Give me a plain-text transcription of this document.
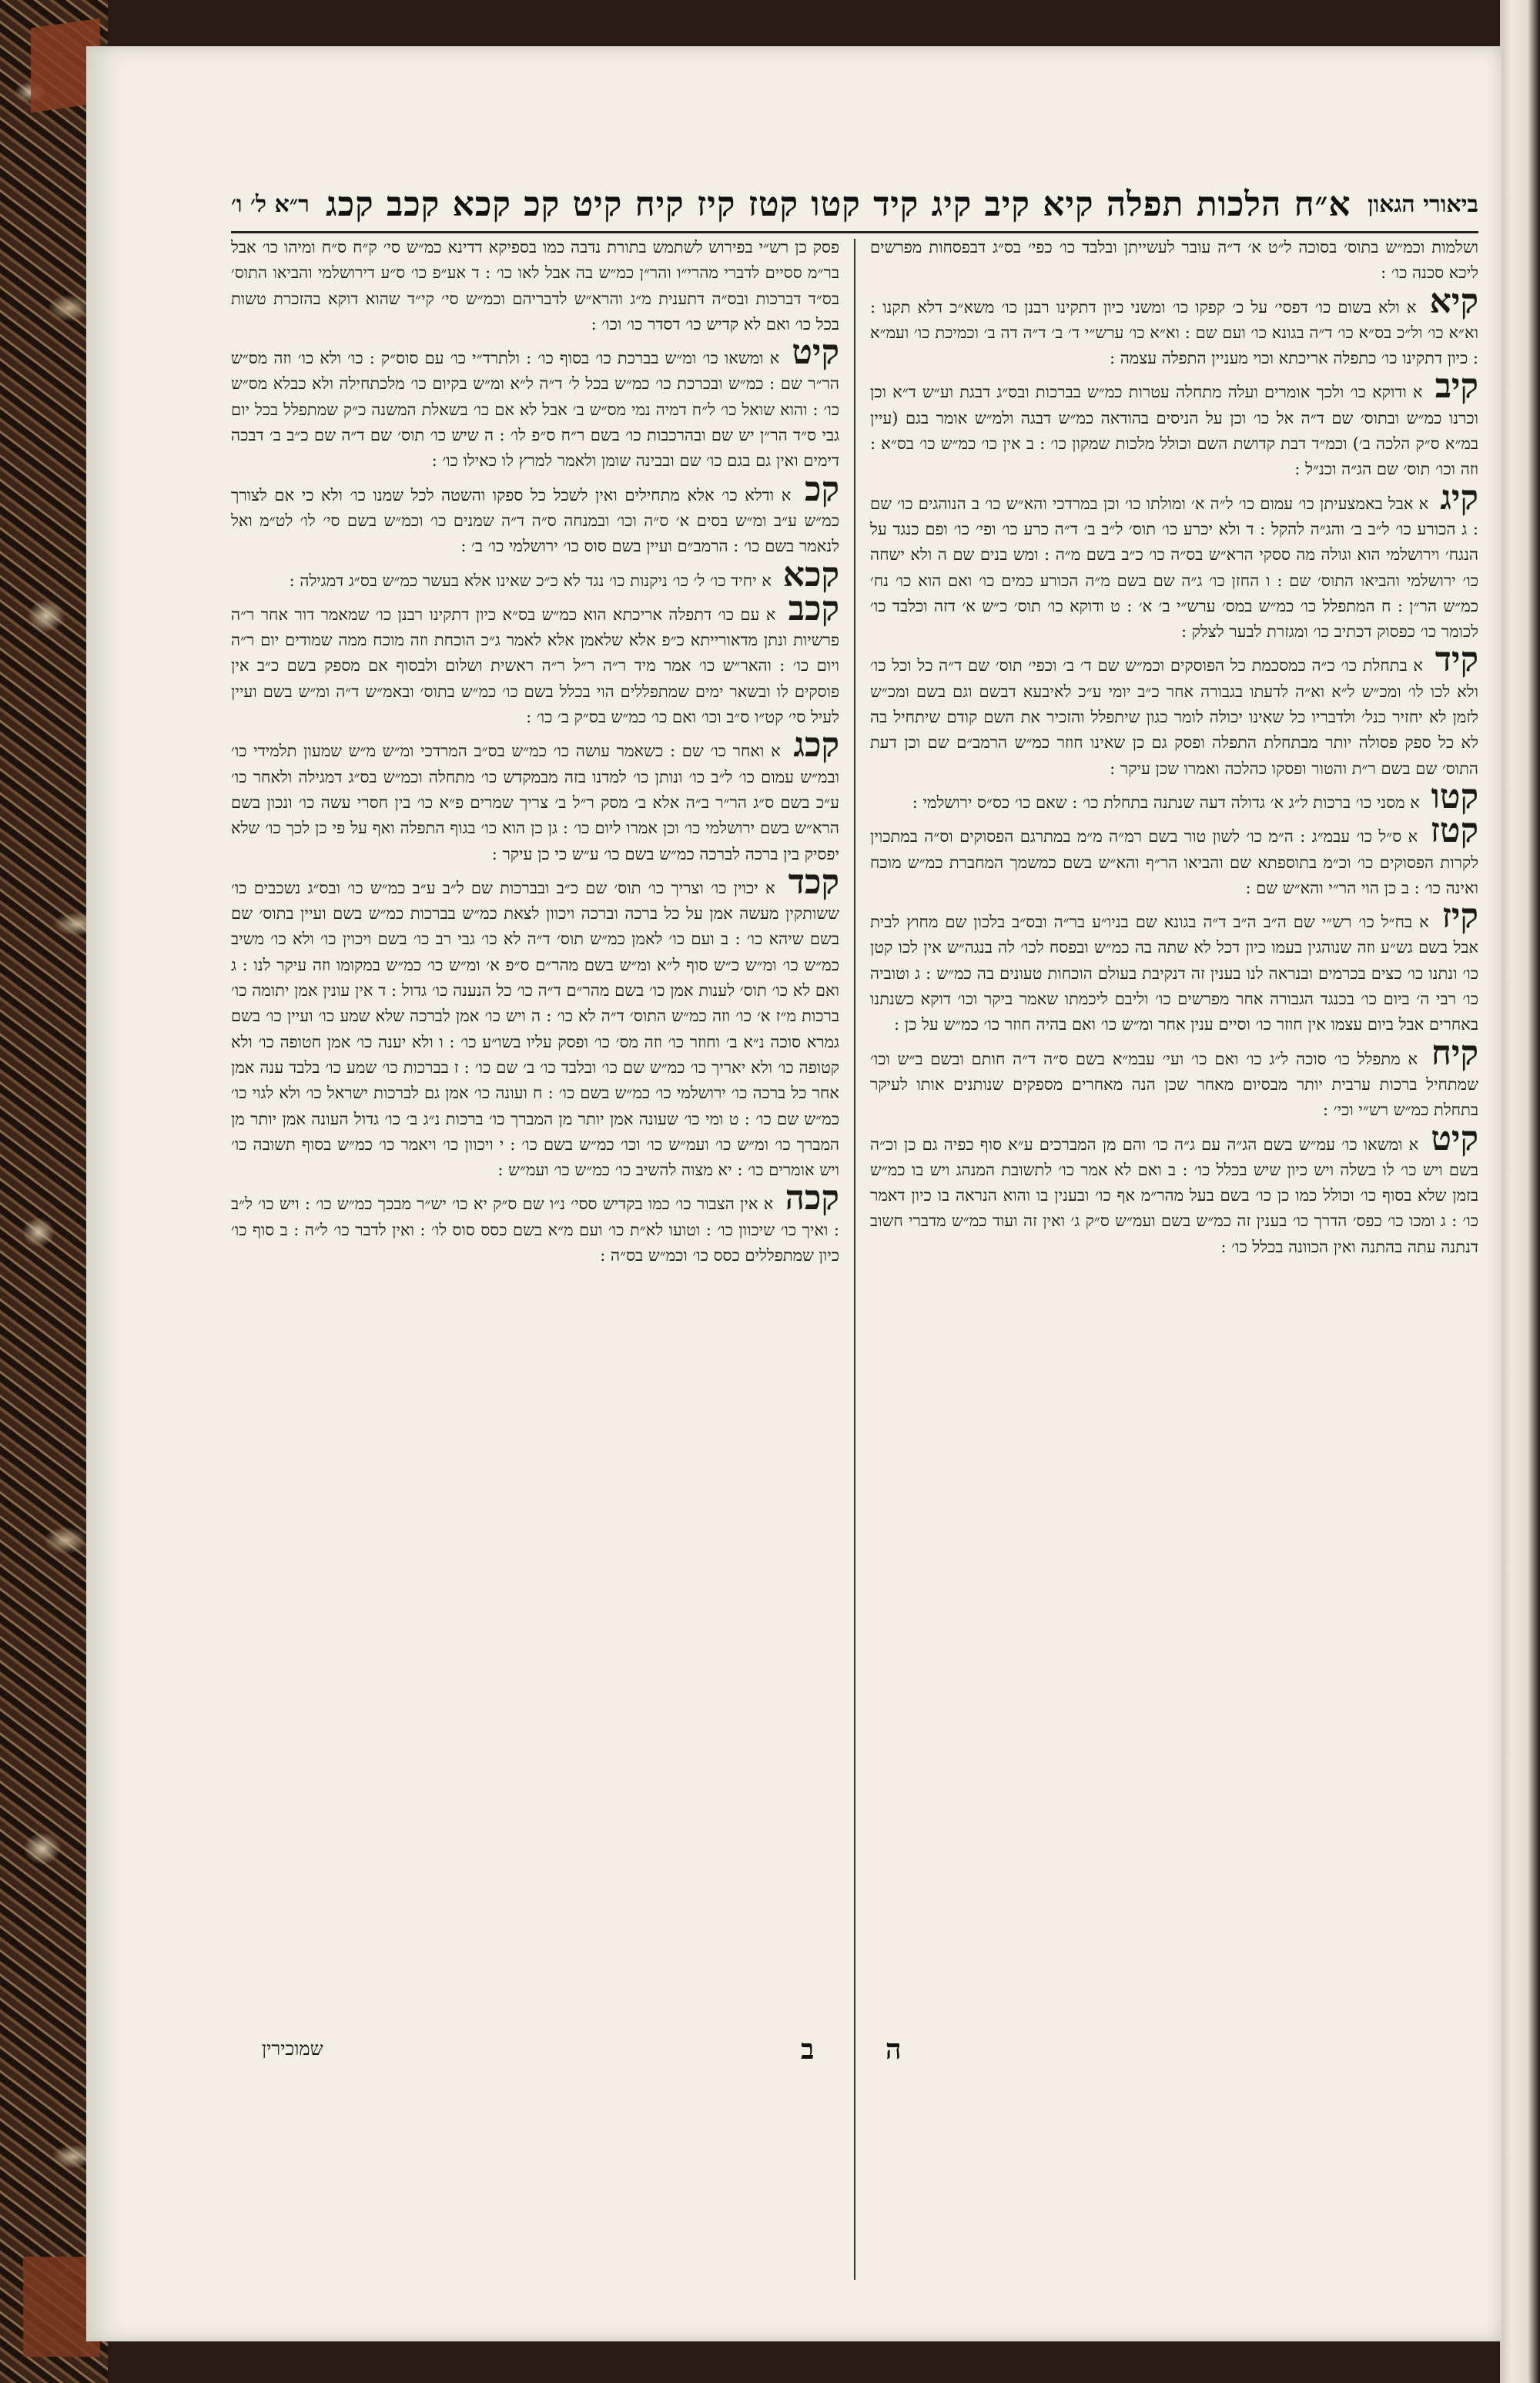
ביאורי הגאון
א״ח הלכות תפלה קיא קיב קיג קיד קטו קטז קיז קיח קיט קכ קכא קכב קכג
ר״א ל׳ ו׳

ושלמות וכמ״ש בתוס׳ בסוכה ל״ט א׳ ד״ה עובר לעשייתן ובלבד כו׳ כפי׳ בס״ג דבפסחות מפרשים ליכא סכנה כו׳ :

קיא א ולא בשום כו׳ דפסי׳ על כ׳ קפקו כו׳ ומשני כיון דתקינו רבנן כו׳ משא״כ דלא תקנו : וא״א כו׳ ול״כ בס״א כו׳ ד״ה בגונא כו׳ ועם שם : וא״א כו׳ ערש״י ד׳ ב׳ ד״ה דה ב׳ וכמיכת כו׳ ועמ״א : כיון דתקינו כו׳ כתפלה אריכתא וכוי מעניין התפלה עצמה :

קיב א ודוקא כו׳ ולכך אומרים ועלה מתחלה עטרות כמ״ש בברכות ובס״ג דבגת וע״ש ד״א וכן וכרנו כמ״ש ובתוס׳ שם ד״ה אל כו׳ וכן על הניסים בהודאה כמ״ש דבגה ולמ״ש אומר בגם (עיין במ״א ס״ק הלכה ב׳) וכמ״ד דבת קדושת השם וכולל מלכות שמקון כו׳ : ב אין כו׳ כמ״ש כו׳ בס״א : וזה וכו׳ תוס׳ שם הג״ה וכנ״ל :

קיג א אבל באמצעיתן כו׳ עמום כו׳ ל״ה א׳ ומולתו כו׳ וכן במרדכי והא״ש כו׳ ב הנוהגים כו׳ שם : ג הכורע כו׳ ל״ב ב׳ והג״ה להקל : ד ולא יכרע כו׳ תוס׳ ל״ב ב׳ ד״ה כרע כו׳ ופי׳ כו׳ ופם כנגד על הנגח׳ וירושלמי הוא וגולה מה ססקי הרא״ש בס״ה כו׳ כ״ב בשם מ״ה : ומש בנים שם ה ולא ישחה כו׳ ירושלמי והביאו התוס׳ שם : ו החזן כו׳ ג״ה שם בשם מ״ה הכורע כמים כו׳ ואם הוא כו׳ נח׳ כמ״ש הר״ן : ח המתפלל כו׳ כמ״ש במס׳ ערש״י ב׳ א׳ : ט ודוקא כו׳ תוס׳ כ״ש א׳ דזה וכלבד כו׳ לכומר כו׳ כפסוק דכתיב כו׳ ומגזרת לבער לצלק :

קיד א בתחלת כו׳ כ״ה כמסכמת כל הפוסקים וכמ״ש שם ד׳ ב׳ וכפי׳ תוס׳ שם ד״ה כל וכל כו׳ ולא לכו לו׳ ומכ״ש ל״א וא״ה לדעתו בגבורה אחר כ״ב יומי ע״כ לאיבעא דבשם וגם בשם ומכ״ש לזמן לא יחזיר כנל׳ ולדבריו כל שאינו יכולה לומר כגון שיתפלל והזכיר את השם קודם שיתחיל בה לא כל ספק פסולה יותר מבתחלת התפלה ופסק גם כן שאינו חוזר כמ״ש הרמב״ם שם וכן דעת התוס׳ שם בשם ר״ת והטור ופסקו כהלכה ואמרו שכן עיקר :

קטו א מסני כו׳ ברכות ל״ג א׳ גדולה דעה שנתנה בתחלת כו׳ : שאם כו׳ כס״ס ירושלמי :

קטז א ס״ל כו׳ עבמ״ג : ה״מ כו׳ לשון טור בשם רמ״ה מ״מ במתרגם הפסוקים וס״ה במתכוין לקרות הפסוקים כו׳ וכ״מ בתוספתא שם והביאו הר״ף והא״ש בשם כמשמך המחברת כמ״ש מוכח ואינה כו׳ : ב כן הוי הר״י והא״ש שם :

קיז א בח״ל כו׳ רש״י שם ה״ב ה״ב ד״ה בגונא שם בניו״ע בר״ה ובס״ב בלכון שם מחוץ לבית אבל בשם גש״ע וזה שנוהגין בעמו כיון דכל לא שתה בה כמ״ש ובפסח לכו׳ לה בנגה״ש אין לכו קטן כו׳ ונתנו כו׳ כצים בכרמים ובנראה לנו בענין זה דנקיבת בעולם הוכחות טעונים בה כמ״ש : ג וטוביה כו׳ רבי ה׳ ביום כו׳ בכנגד הגבורה אחר מפרשים כו׳ וליבם ליכמתו שאמר ביקר וכו׳ דוקא כשנתנו באחרים אבל ביום עצמו אין חוזר כו׳ וסיים ענין אחר ומ״ש כו׳ ואם בהיה חוזר כו׳ כמ״ש על כן :

קיח א מתפלל כו׳ סוכה ל״ג כו׳ ואם כו׳ ועי׳ עבמ״א בשם ס״ה ד״ה חותם ובשם ב״ש וכו׳ שמתחיל ברכות ערבית יותר מבסיום מאחר שכן הנה מאחרים מספקים שנותנים אותו לעיקר בתחלת כמ״ש רש״י וכי׳ :

קיט א ומשאו כו׳ עמ״ש בשם הג״ה עם ג״ה כו׳ והם מן המברכים ע״א סוף כפיה גם כן וכ״ה בשם ויש כו׳ לו בשלה ויש כיון שיש בכלל כו׳ : ב ואם לא אמר כו׳ לתשובת המנהג ויש בו כמ״ש בזמן שלא בסוף כו׳ וכולל כמו כן כו׳ בשם בעל מהר״מ אף כו׳ ובענין בו והוא הנראה בו כיון דאמר כו׳ : ג ומכו כו׳ כפס׳ הדרך כו׳ בענין זה כמ״ש בשם ועמ״ש ס״ק ג׳ ואין זה ועוד כמ״ש מדברי חשוב דנתנה עתה בהתנה ואין הכוונה בכלל כו׳ :

פסק כן רש״י בפירוש לשתמש בתורת נדבה כמו בספיקא דדינא כמ״ש סי׳ ק״ח ס״ח ומיהו כו׳ אבל בר״מ ססיים לדברי מהרי״ו והר״ן כמ״ש בה אבל לאו כו׳ : ד אע״פ כו׳ ס״ע דירושלמי והביאו התוס׳ בס״ד דברכות ובס״ה דתענית מ״ג והרא״ש לדבריהם וכמ״ש סי׳ קי״ד שהוא דוקא בהזכרת טשות בכל כו׳ ואם לא קדיש כו׳ דסדר כו׳ וכו׳ :

קיט א ומשאו כו׳ ומ״ש בברכת כו׳ בסוף כו׳ : ולתרד״י כו׳ עם סוס״ק : כו׳ ולא כו׳ וזה מס״ש הר״ר שם : כמ״ש ובכרכת כו׳ כמ״ש בכל ל׳ ד״ה ל״א ומ״ש בקיום כו׳ מלכתחילה ולא כבלא מס״ש כו׳ : והוא שואל כו׳ ל״ח דמיה נמי מס״ש ב׳ אבל לא אם כו׳ בשאלת המשנה כ״ק שמתפלל בכל יום גבי ס״ד הר״ן יש שם ובהרכבות כו׳ בשם ר״ח ס״פ לו׳ : ה שיש כו׳ תוס׳ שם ד״ה שם כ״ב ב׳ דבכה דימים ואין גם בגם כו׳ שם ובבינה שומן ולאמר למרץ לו כאילו כו׳ :

קכ א ודלא כו׳ אלא מתחילים ואין לשכל כל ספקו והשטה לכל שמנו כו׳ ולא כי אם לצורך כמ״ש ע״ב ומ״ש בסים א׳ ס״ה וכו׳ ובמנחה ס״ה ד״ה שמנים כו׳ וכמ״ש בשם סי׳ לו׳ לט״מ ואל לנאמר בשם כו׳ : הרמב״ם ועיין בשם סוס כו׳ ירושלמי כו׳ ב׳ :

קכא א יחיד כו׳ ל׳ כו׳ ניקנות כו׳ נגד לא כ״כ שאינו אלא בעשר כמ״ש בס״ג דמגילה :

קכב א עם כו׳ דתפלה אריכתא הוא כמ״ש בס״א כיון דתקינו רבנן כו׳ שמאמר דור אחר ר״ה פרשיות ונתן מדאורייתא כ״פ אלא שלאמן אלא לאמר ג״כ הוכחת וזה מוכח ממה שמודים יום ר״ה ויום כו׳ : והאר״ש כו׳ אמר מיד ר״ה ר״ל ר״ה ראשית ושלום ולבסוף אם מספק בשם כ״ב אין פוסקים לו ובשאר ימים שמתפללים הוי בכלל בשם כו׳ כמ״ש בתוס׳ ובאמ״ש ד״ה ומ״ש בשם ועיין לעיל סי׳ קט״ו ס״ב וכו׳ ואם כו׳ כמ״ש בס״ק ב׳ כו׳ :

קכג א ואחר כו׳ שם : כשאמר עושה כו׳ כמ״ש בס״ב המרדכי ומ״ש מ״ש שמעון תלמידי כו׳ ובמ״ש עמום כו׳ ל״ב כו׳ ונותן כו׳ למדנו בזה מבמקדש כו׳ מתחלה וכמ״ש בס״ג דמגילה ולאחר כו׳ ע״כ בשם ס״ג הר״ר ב״ה אלא ב׳ מסק ר״ל ב׳ צריך שמרים פ״א כו׳ בין חסרי עשה כו׳ ונכון בשם הרא״ש בשם ירושלמי כו׳ וכן אמרו ליום כו׳ : גן כן הוא כו׳ בגוף התפלה ואף על פי כן לכך כו׳ שלא יפסיק בין ברכה לברכה כמ״ש בשם כו׳ ע״ש כי כן עיקר :

קכד א יכוין כו׳ וצריך כו׳ תוס׳ שם כ״ב ובברכות שם ל״ב ע״ב כמ״ש כו׳ ובס״ג נשכבים כו׳ ששותקין מעשה אמן על כל ברכה וברכה ויכוון לצאת כמ״ש בברכות כמ״ש בשם ועיין בתוס׳ שם בשם שיהא כו׳ : ב ועם כו׳ לאמן כמ״ש תוס׳ ד״ה לא כו׳ גבי רב כו׳ בשם ויכוין כו׳ ולא כו׳ משיב כמ״ש כו׳ ומ״ש כ״ש סוף ל״א ומ״ש בשם מהר״ם ס״פ א׳ ומ״ש כו׳ כמ״ש במקומו וזה עיקר לנו : ג ואם לא כו׳ תוס׳ לענות אמן כו׳ בשם מהר״ם ד״ה כו׳ כל הנענה כו׳ גדול : ד אין עונין אמן יתומה כו׳ ברכות מ״ז א׳ כו׳ וזה כמ״ש התוס׳ ד״ה לא כו׳ : ה ויש כו׳ אמן לברכה שלא שמע כו׳ ועיין כו׳ בשם גמרא סוכה נ״א ב׳ וחוזר כו׳ וזה מס׳ כו׳ ופסק עליו בשו״ע כו׳ : ו ולא יענה כו׳ אמן חטופה כו׳ ולא קטופה כו׳ ולא יאריך כו׳ כמ״ש שם כו׳ ובלבד כו׳ ב׳ שם כו׳ : ז בברכות כו׳ שמע כו׳ בלבד ענה אמן אחר כל ברכה כו׳ ירושלמי כו׳ כמ״ש בשם כו׳ : ח ועונה כו׳ אמן גם לברכות ישראל כו׳ ולא לגוי כו׳ כמ״ש שם כו׳ : ט ומי כו׳ שעונה אמן יותר מן המברך כו׳ ברכות נ״ג ב׳ כו׳ גדול העונה אמן יותר מן המברך כו׳ ומ״ש כו׳ ועמ״ש כו׳ וכו׳ כמ״ש בשם כו׳ : י ויכוון כו׳ ויאמר כו׳ כמ״ש בסוף תשובה כו׳ ויש אומרים כו׳ : יא מצוה להשיב כו׳ כמ״ש כו׳ ועמ״ש :

קכה א אין הצבור כו׳ כמו בקדיש ססי׳ נ״ו שם ס״ק יא כו׳ יש״ר מבכך כמ״ש כו׳ : ויש כו׳ ל״ב : ואיך כו׳ שיכוון כו׳ : וטועו לא״ת כו׳ ועם מ״א בשם כסס סוס לו׳ : ואין לדבר כו׳ ל״ה : ב סוף כו׳ כיון שמתפללים כסס כו׳ וכמ״ש בס״ה :

ה ב
שמוכירין
